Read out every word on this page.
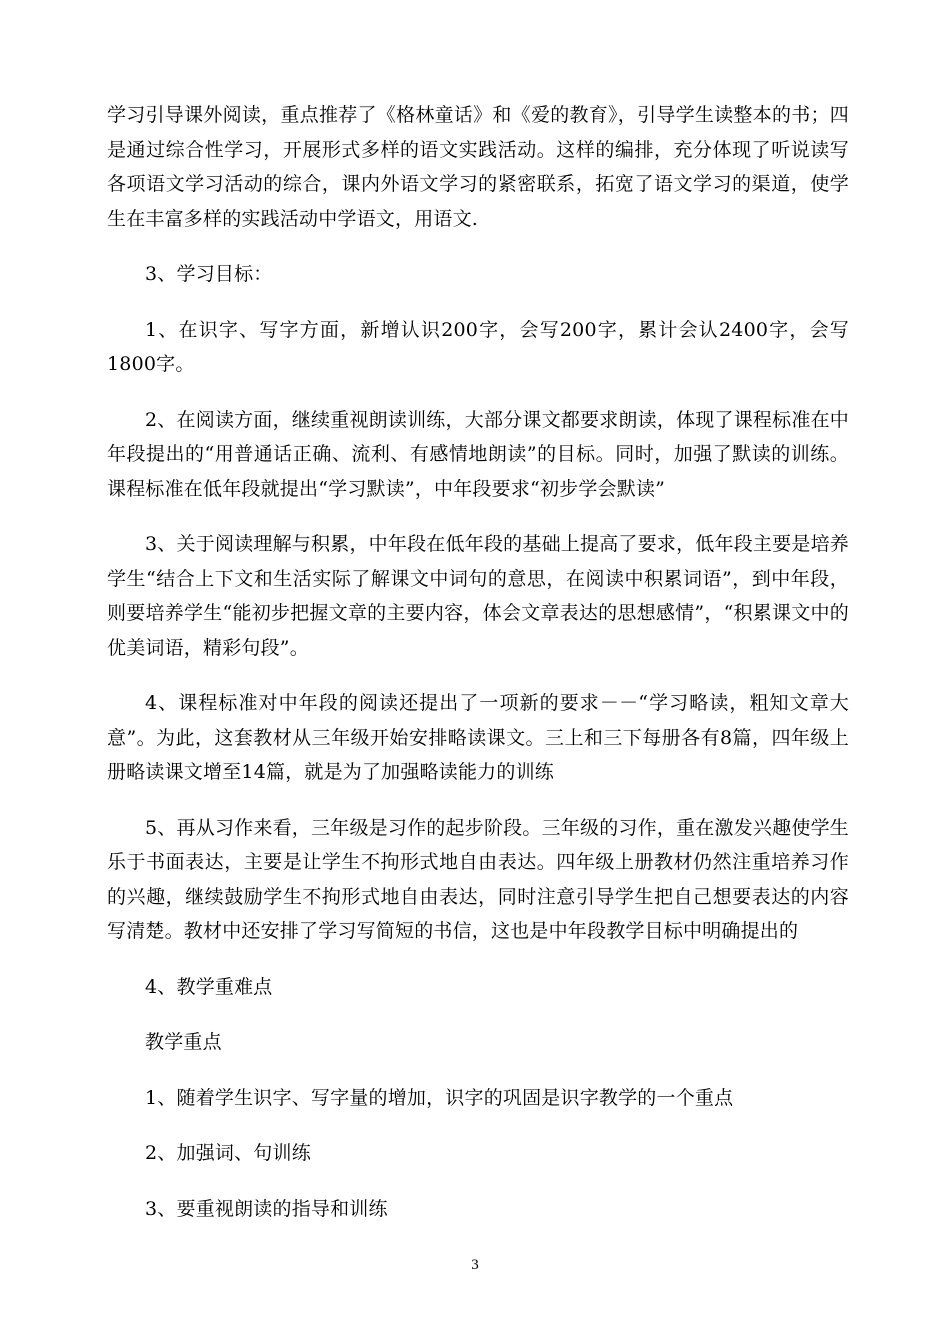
学习引导课外阅读，重点推荐了《格林童话》和《爱的教育》，引导学生读整本的书；四是通过综合性学习，开展形式多样的语文实践活动。这样的编排，充分体现了听说读写各项语文学习活动的综合，课内外语文学习的紧密联系，拓宽了语文学习的渠道，使学生在丰富多样的实践活动中学语文，用语文.

3、学习目标：

1、在识字、写字方面，新增认识200字，会写200字，累计会认2400字，会写1800字。

2、在阅读方面，继续重视朗读训练，大部分课文都要求朗读，体现了课程标准在中年段提出的“用普通话正确、流利、有感情地朗读”的目标。同时，加强了默读的训练。课程标准在低年段就提出“学习默读”，中年段要求“初步学会默读”

3、关于阅读理解与积累，中年段在低年段的基础上提高了要求，低年段主要是培养学生“结合上下文和生活实际了解课文中词句的意思，在阅读中积累词语”，到中年段，则要培养学生“能初步把握文章的主要内容，体会文章表达的思想感情”，“积累课文中的优美词语，精彩句段”。

4、课程标准对中年段的阅读还提出了一项新的要求－－“学习略读，粗知文章大意”。为此，这套教材从三年级开始安排略读课文。三上和三下每册各有8篇，四年级上册略读课文增至14篇，就是为了加强略读能力的训练

5、再从习作来看，三年级是习作的起步阶段。三年级的习作，重在激发兴趣使学生乐于书面表达，主要是让学生不拘形式地自由表达。四年级上册教材仍然注重培养习作的兴趣，继续鼓励学生不拘形式地自由表达，同时注意引导学生把自己想要表达的内容写清楚。教材中还安排了学习写简短的书信，这也是中年段教学目标中明确提出的

4、教学重难点

教学重点

1、随着学生识字、写字量的增加，识字的巩固是识字教学的一个重点

2、加强词、句训练

3、要重视朗读的指导和训练

3
